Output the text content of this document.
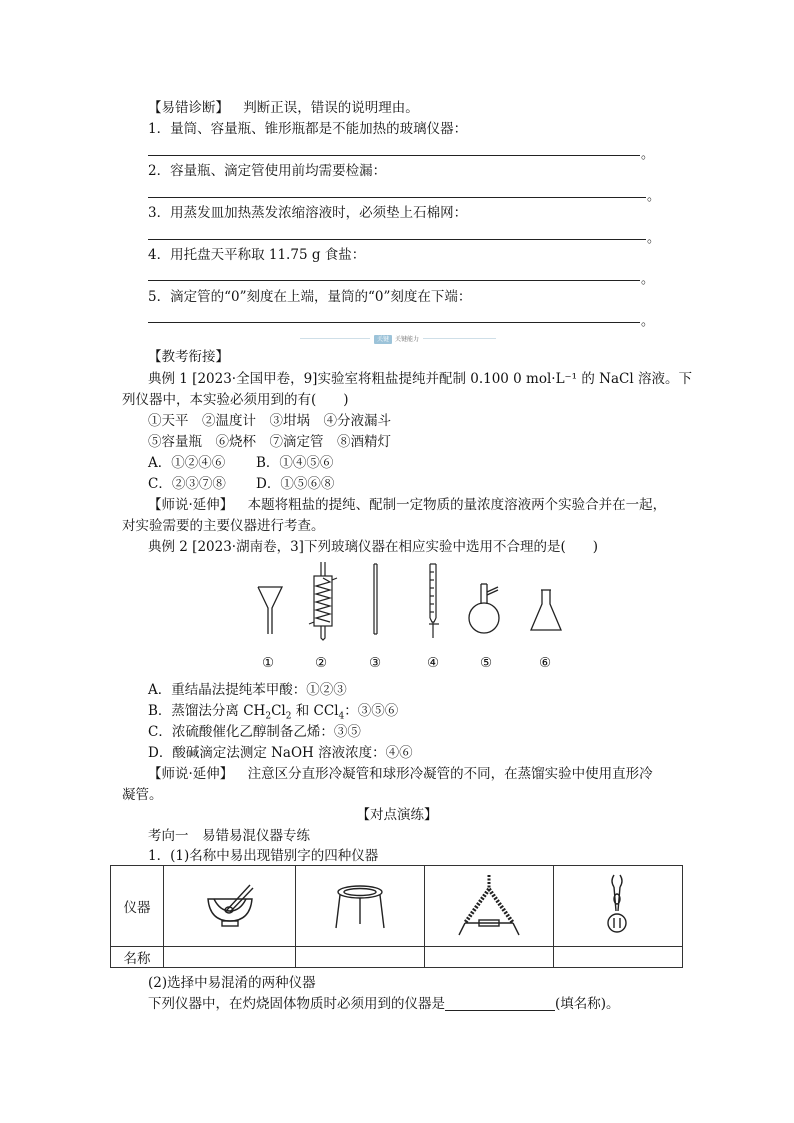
【易错诊断】 判断正误，错误的说明理由。
1．量筒、容量瓶、锥形瓶都是不能加热的玻璃仪器：
。
2．容量瓶、滴定管使用前均需要检漏：
。
3．用蒸发皿加热蒸发浓缩溶液时，必须垫上石棉网：
。
4．用托盘天平称取 11.75 g 食盐：
。
5．滴定管的“0”刻度在上端，量筒的“0”刻度在下端：
。
关键 关键能力
【教考衔接】
典例 1 [2023·全国甲卷，9]实验室将粗盐提纯并配制 0.100 0 mol·L⁻¹ 的 NaCl 溶液。下
列仪器中，本实验必须用到的有(　　)
①天平　②温度计　③坩埚　④分液漏斗
⑤容量瓶　⑥烧杯　⑦滴定管　⑧酒精灯
A．①②④⑥ B．①④⑤⑥
C．②③⑦⑧ D．①⑤⑥⑧
【师说·延伸】 本题将粗盐的提纯、配制一定物质的量浓度溶液两个实验合并在一起，
对实验需要的主要仪器进行考查。
典例 2 [2023·湖南卷，3]下列玻璃仪器在相应实验中选用不合理的是(　　)
①	②	③	④	⑤	⑥
A．重结晶法提纯苯甲酸：①②③
B．蒸馏法分离 $CH_2Cl_2$ 和 CCl$_4$：③⑤⑥
C．浓硫酸催化乙醇制备乙烯：③⑤
D．酸碱滴定法测定 NaOH 溶液浓度：④⑥
【师说·延伸】 注意区分直形冷凝管和球形冷凝管的不同，在蒸馏实验中使用直形冷
凝管。
【对点演练】
考向一　易错易混仪器专练
1．(1)名称中易出现错别字的四种仪器
仪器	

名称				
(2)选择中易混淆的两种仪器
下列仪器中，在灼烧固体物质时必须用到的仪器是	(填名称)。
